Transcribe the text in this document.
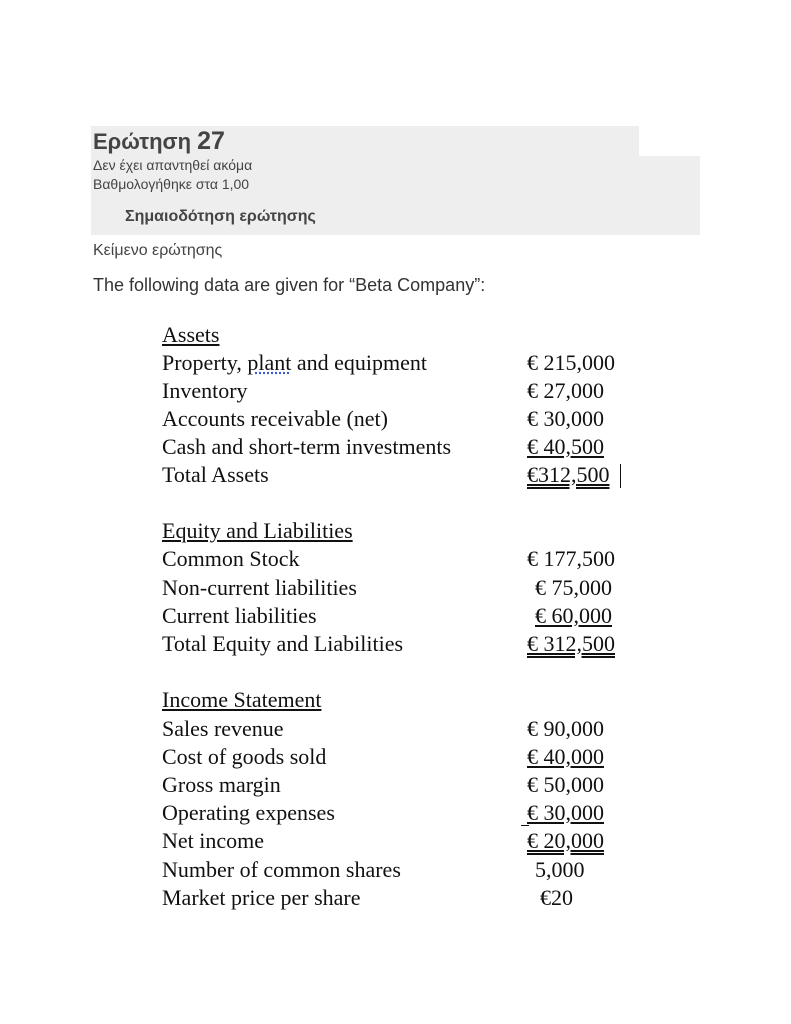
Ερώτηση 27
Δεν έχει απαντηθεί ακόμα
Βαθμολογήθηκε στα 1,00
Σημαιοδότηση ερώτησης
Κείμενο ερώτησης
The following data are given for “Beta Company”:
Assets
Property, plant and equipment	€ 215,000
Inventory	€ 27,000
Accounts receivable (net)	€ 30,000
Cash and short-term investments	€ 40,500
Total Assets	€312,500
Equity and Liabilities
Common Stock	€ 177,500
Non-current liabilities	€ 75,000
Current liabilities	€ 60,000
Total Equity and Liabilities	€ 312,500
Income Statement
Sales revenue	€ 90,000
Cost of goods sold	€ 40,000
Gross margin	€ 50,000
Operating expenses	€ 30,000
Net income	€ 20,000
Number of common shares	5,000
Market price per share	€20
